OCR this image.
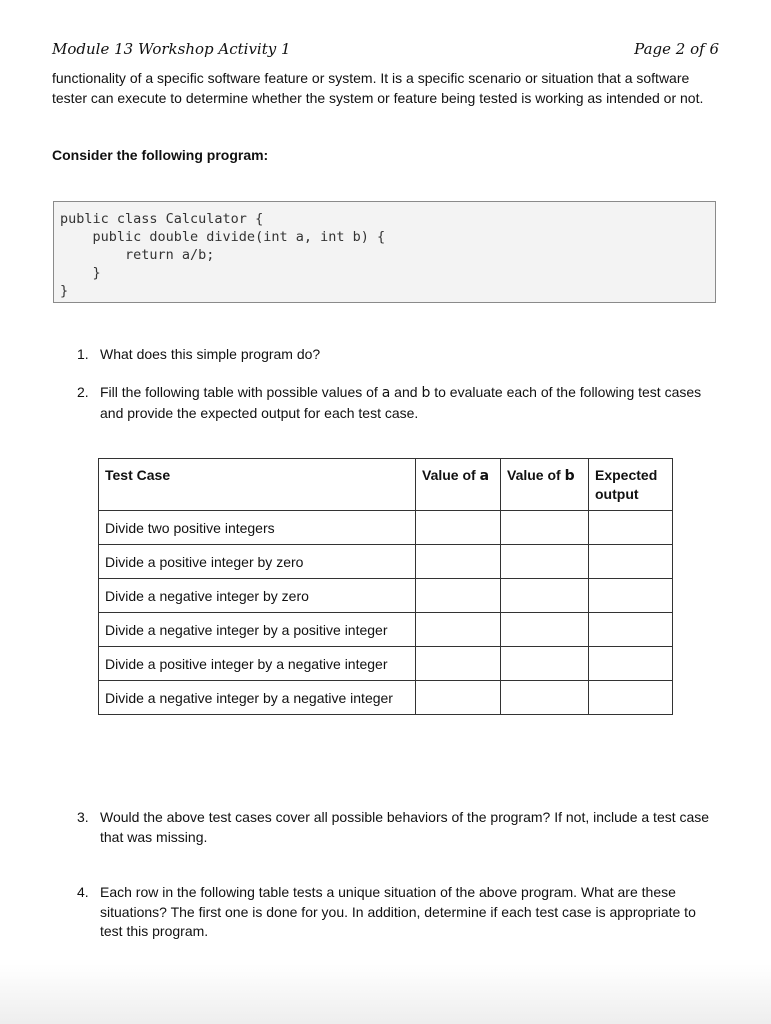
Module 13 Workshop Activity 1	Page 2 of 6
functionality of a specific software feature or system. It is a specific scenario or situation that a software tester can execute to determine whether the system or feature being tested is working as intended or not.
Consider the following program:
public class Calculator {
public double divide(int a, int b) {
return a/b;
}
}
1. What does this simple program do?
2. Fill the following table with possible values of a and b to evaluate each of the following test cases and provide the expected output for each test case.
Test Case	Value of a	Value of b	Expected output
Divide two positive integers			
Divide a positive integer by zero			
Divide a negative integer by zero			
Divide a negative integer by a positive integer			
Divide a positive integer by a negative integer			
Divide a negative integer by a negative integer			
3. Would the above test cases cover all possible behaviors of the program? If not, include a test case that was missing.
4. Each row in the following table tests a unique situation of the above program. What are these situations? The first one is done for you. In addition, determine if each test case is appropriate to test this program.
